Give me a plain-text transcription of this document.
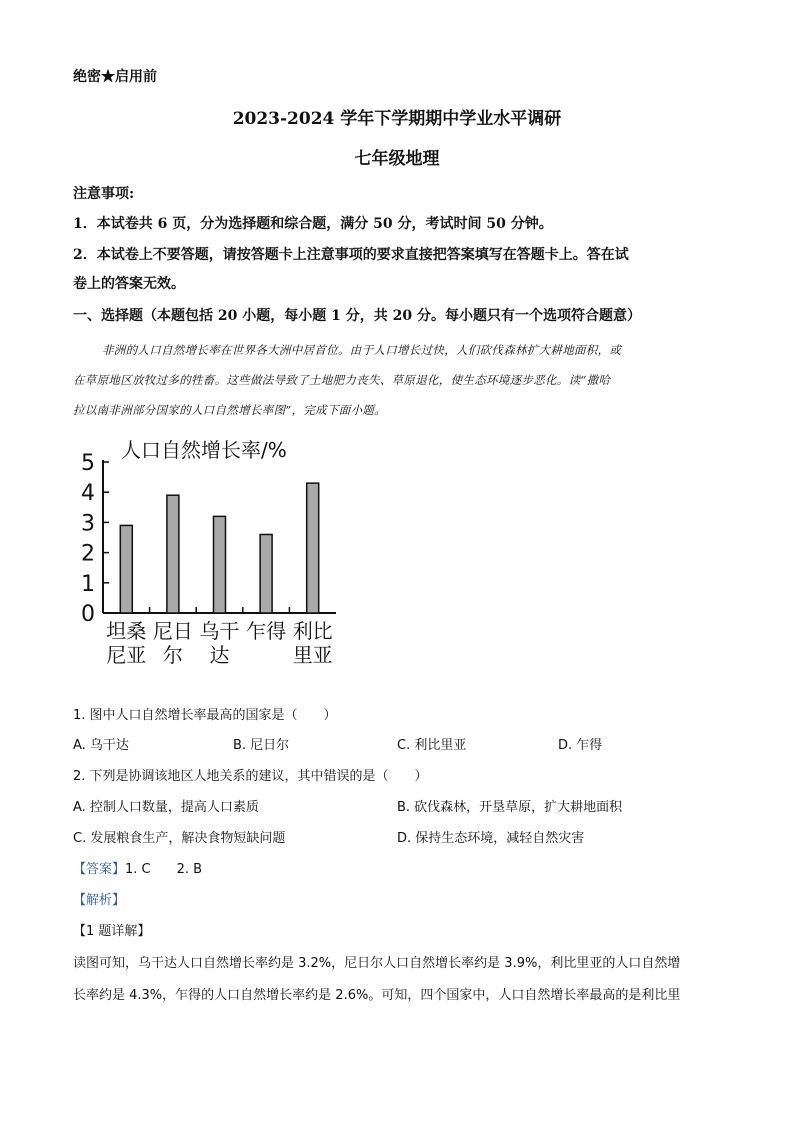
绝密★启用前
2023-2024 学年下学期期中学业水平调研
七年级地理
注意事项:
1．本试卷共 6 页，分为选择题和综合题，满分 50 分，考试时间 50 分钟。
2．本试卷上不要答题，请按答题卡上注意事项的要求直接把答案填写在答题卡上。答在试
卷上的答案无效。
一、选择题（本题包括 20 小题，每小题 1 分，共 20 分。每小题只有一个选项符合题意）
非洲的人口自然增长率在世界各大洲中居首位。由于人口增长过快，人们砍伐森林扩大耕地面积，或
在草原地区放牧过多的牲畜。这些做法导致了土地肥力丧失、草原退化，使生态环境逐步恶化。读“撒哈
拉以南非洲部分国家的人口自然增长率图”，完成下面小题。
人口自然增长率/%
0
1
2
3
4
5
坦桑
尼亚
尼日
尔
乌干
达
乍得 利比
里亚
1. 图中人口自然增长率最高的国家是（　　）
A. 乌干达	B. 尼日尔	C. 利比里亚	D. 乍得
2. 下列是协调该地区人地关系的建议，其中错误的是（　　）
A. 控制人口数量，提高人口素质	B. 砍伐森林，开垦草原，扩大耕地面积
C. 发展粮食生产，解决食物短缺问题	D. 保持生态环境，减轻自然灾害
【答案】1. C　　2. B
【解析】
【1 题详解】
读图可知，乌干达人口自然增长率约是 3.2%，尼日尔人口自然增长率约是 3.9%，利比里亚的人口自然增
长率约是 4.3%，乍得的人口自然增长率约是 2.6%。可知，四个国家中，人口自然增长率最高的是利比里
